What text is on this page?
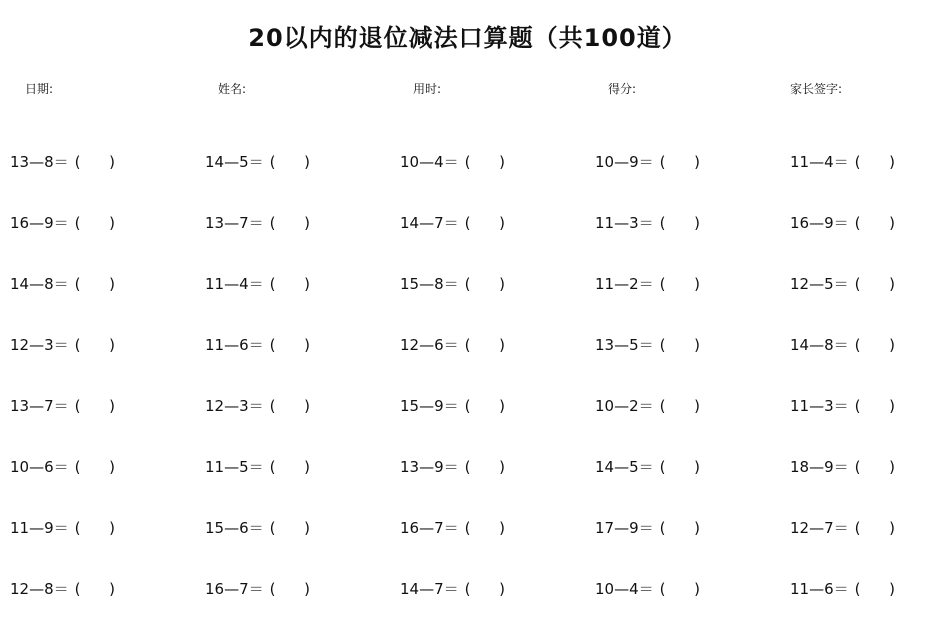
20以内的退位减法口算题（共100道）
日期:	姓名:	用时:	得分:	家长签字:
13—8＝ (      )	14—5＝ (      )	10—4＝ (      )	10—9＝ (      )	11—4＝ (      )
16—9＝ (      )	13—7＝ (      )	14—7＝ (      )	11—3＝ (      )	16—9＝ (      )
14—8＝ (      )	11—4＝ (      )	15—8＝ (      )	11—2＝ (      )	12—5＝ (      )
12—3＝ (      )	11—6＝ (      )	12—6＝ (      )	13—5＝ (      )	14—8＝ (      )
13—7＝ (      )	12—3＝ (      )	15—9＝ (      )	10—2＝ (      )	11—3＝ (      )
10—6＝ (      )	11—5＝ (      )	13—9＝ (      )	14—5＝ (      )	18—9＝ (      )
11—9＝ (      )	15—6＝ (      )	16—7＝ (      )	17—9＝ (      )	12—7＝ (      )
12—8＝ (      )	16—7＝ (      )	14—7＝ (      )	10—4＝ (      )	11—6＝ (      )
